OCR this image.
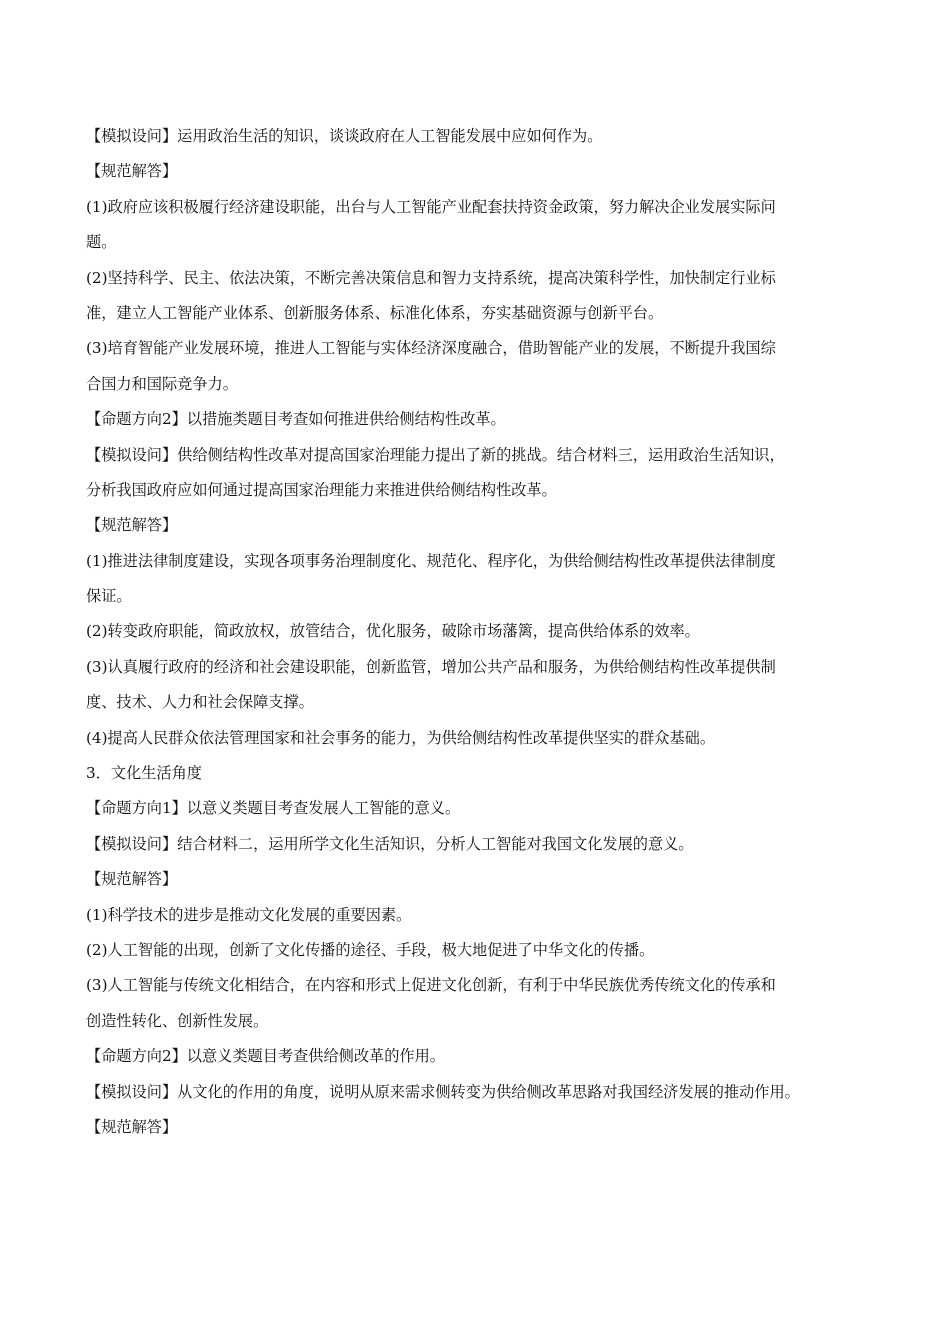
【模拟设问】运用政治生活的知识，谈谈政府在人工智能发展中应如何作为。
【规范解答】
(1)政府应该积极履行经济建设职能，出台与人工智能产业配套扶持资金政策，努力解决企业发展实际问
题。
(2)坚持科学、民主、依法决策，不断完善决策信息和智力支持系统，提高决策科学性，加快制定行业标
准，建立人工智能产业体系、创新服务体系、标准化体系，夯实基础资源与创新平台。
(3)培育智能产业发展环境，推进人工智能与实体经济深度融合，借助智能产业的发展，不断提升我国综
合国力和国际竞争力。
【命题方向2】以措施类题目考查如何推进供给侧结构性改革。
【模拟设问】供给侧结构性改革对提高国家治理能力提出了新的挑战。结合材料三，运用政治生活知识，
分析我国政府应如何通过提高国家治理能力来推进供给侧结构性改革。
【规范解答】
(1)推进法律制度建设，实现各项事务治理制度化、规范化、程序化，为供给侧结构性改革提供法律制度
保证。
(2)转变政府职能，简政放权，放管结合，优化服务，破除市场藩篱，提高供给体系的效率。
(3)认真履行政府的经济和社会建设职能，创新监管，增加公共产品和服务，为供给侧结构性改革提供制
度、技术、人力和社会保障支撑。
(4)提高人民群众依法管理国家和社会事务的能力，为供给侧结构性改革提供坚实的群众基础。
3．文化生活角度
【命题方向1】以意义类题目考查发展人工智能的意义。
【模拟设问】结合材料二，运用所学文化生活知识，分析人工智能对我国文化发展的意义。
【规范解答】
(1)科学技术的进步是推动文化发展的重要因素。
(2)人工智能的出现，创新了文化传播的途径、手段，极大地促进了中华文化的传播。
(3)人工智能与传统文化相结合，在内容和形式上促进文化创新，有利于中华民族优秀传统文化的传承和
创造性转化、创新性发展。
【命题方向2】以意义类题目考查供给侧改革的作用。
【模拟设问】从文化的作用的角度，说明从原来需求侧转变为供给侧改革思路对我国经济发展的推动作用。
【规范解答】
